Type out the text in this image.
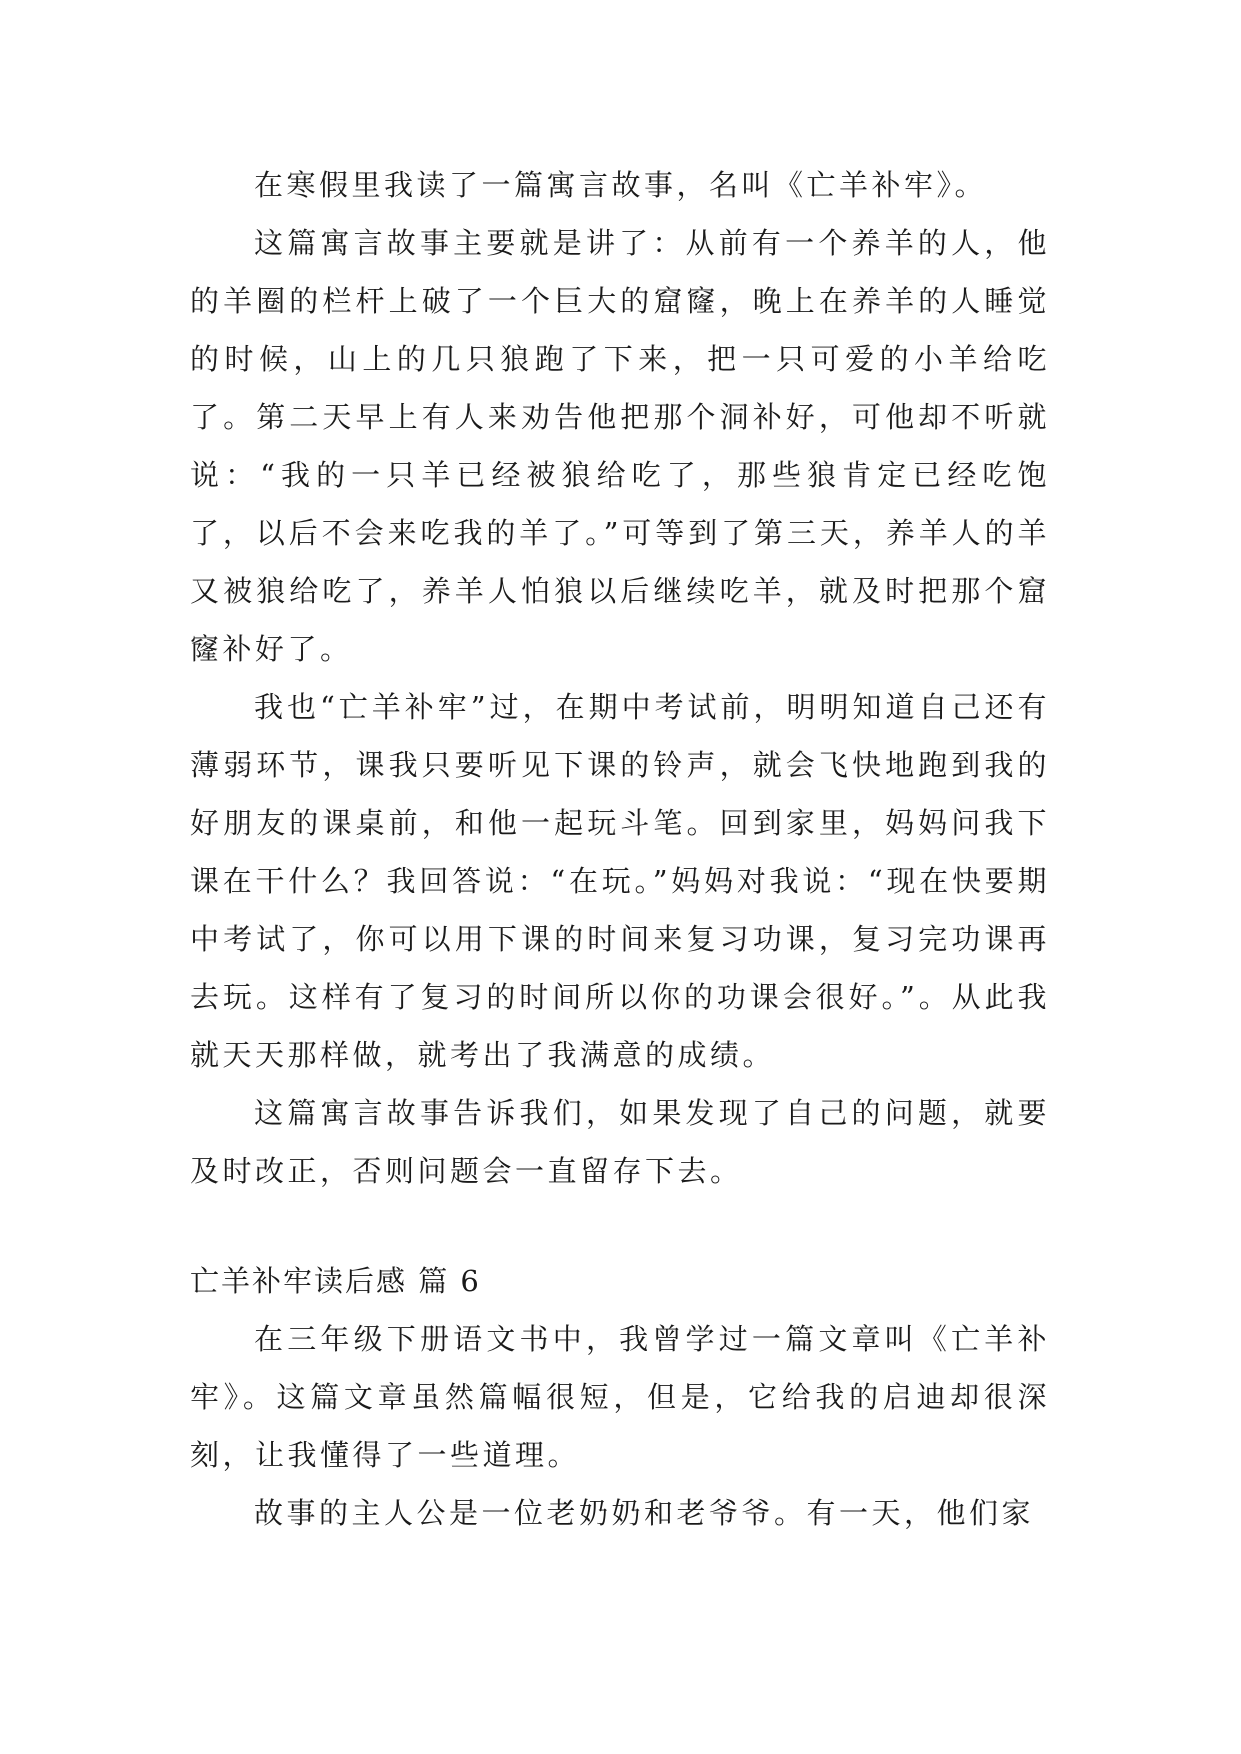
在寒假里我读了一篇寓言故事，名叫《亡羊补牢》。

这篇寓言故事主要就是讲了：从前有一个养羊的人，他的羊圈的栏杆上破了一个巨大的窟窿，晚上在养羊的人睡觉的时候，山上的几只狼跑了下来，把一只可爱的小羊给吃了。第二天早上有人来劝告他把那个洞补好，可他却不听就说：“我的一只羊已经被狼给吃了，那些狼肯定已经吃饱了，以后不会来吃我的羊了。”可等到了第三天，养羊人的羊又被狼给吃了，养羊人怕狼以后继续吃羊，就及时把那个窟窿补好了。

我也“亡羊补牢”过，在期中考试前，明明知道自己还有薄弱环节，课我只要听见下课的铃声，就会飞快地跑到我的好朋友的课桌前，和他一起玩斗笔。回到家里，妈妈问我下课在干什么？我回答说：“在玩。”妈妈对我说：“现在快要期中考试了，你可以用下课的时间来复习功课，复习完功课再去玩。这样有了复习的时间所以你的功课会很好。”。从此我就天天那样做，就考出了我满意的成绩。

这篇寓言故事告诉我们，如果发现了自己的问题，就要及时改正，否则问题会一直留存下去。

亡羊补牢读后感 篇 6

在三年级下册语文书中，我曾学过一篇文章叫《亡羊补牢》。这篇文章虽然篇幅很短，但是，它给我的启迪却很深刻，让我懂得了一些道理。

故事的主人公是一位老奶奶和老爷爷。有一天，他们家
